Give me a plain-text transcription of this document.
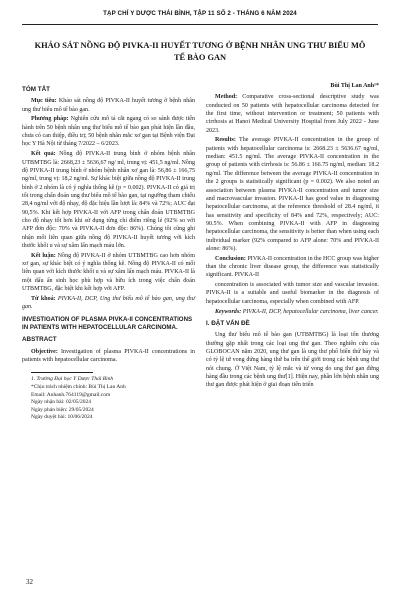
TẠP CHÍ Y DƯỢC THÁI BÌNH, TẬP 11 SỐ 2 - THÁNG 6 NĂM 2024
KHẢO SÁT NỒNG ĐỘ PIVKA-II HUYẾT TƯƠNG Ở BỆNH NHÂN UNG THƯ BIỂU MÔ TẾ BÀO GAN
TÓM TẮT

Mục tiêu: Khảo sát nồng độ PIVKA-II huyết tương ở bệnh nhân ung thư biểu mô tế bào gan.

Phương pháp: Nghiên cứu mô tả cắt ngang có so sánh được tiến hành trên 50 bệnh nhân ung thư biểu mô tế bào gan phát hiện lần đầu, chưa có can thiệp, điều trị; 50 bệnh nhân mắc xơ gan tại Bệnh viện Đại học Y Hà Nội từ tháng 7/2022 – 6/2023.

Kết quả: Nồng độ PIVKA-II trung bình ở nhóm bệnh nhân UTBMTBG là: 2668,23 ± 5636,67 ng/ ml, trung vị: 451,5 ng/ml. Nồng độ PIVKA-II trung bình ở nhóm bệnh nhân xơ gan là: 56,86 ± 166,75 ng/ml, trung vị: 18,2 ng/ml. Sự khác biệt giữa nồng độ PIVKA-II trung bình ở 2 nhóm là có ý nghĩa thống kê (p = 0.002). PIVKA-II có giá trị tốt trong chẩn đoán ung thư biểu mô tế bào gan, tại ngưỡng tham chiếu 28,4 ng/ml với độ nhạy, độ đặc hiệu lần lượt là: 84% và 72%; AUC đạt 90,5%. Khi kết hợp PIVKA-II với AFP trong chẩn đoán UTBMTBG cho độ nhạy tốt hơn khi sử dụng từng chỉ điểm riêng lẻ (92% so với AFP đơn độc: 70% và PIVKA-II đơn độc: 86%). Chúng tôi cũng ghi nhận mối liên quan giữa nồng độ PIVKA-II huyết tương với kích thước khối u và sự xâm lấn mạch máu lớn.

Kết luận: Nồng độ PIVKA-II ở nhóm UTBMTBG cao hơn nhóm xơ gan, sự khác biệt có ý nghĩa thống kê. Nồng độ PIVKA-II có mối liên quan với kích thước khối u và sự xâm lấn mạch máu. PIVKA-II là một dấu ấn sinh học phù hợp và hữu ích trong việc chẩn đoán UTBMTBG, đặc biệt khi kết hợp với AFP.

Từ khoá: PIVKA-II, DCP, Ung thư biểu mô tế bào gan, ung thư gan.

INVESTIGATION OF PLASMA PIVKA-II CONCENTRATIONS IN PATIENTS WITH HEPATOCELLULAR CARCINOMA.

ABSTRACT

Objective: Investigation of plasma PIVKA-II concentrations in patients with hepatocellular carcinoma.

1. Trường Đại học Y Dược Thái Bình
*Chịu trách nhiệm chính: Bùi Thị Lan Anh
Email: Anhanh.764119@gmail.com
Ngày nhận bài: 02/05/2024
Ngày phản biện: 29/05/2024
Ngày duyệt bài: 10/06/2024

Bùi Thị Lan Anh¹*

Method: Comparative cross-sectional descriptive study was conducted on 50 patients with hepatocellular carcinoma detected for the first time, without intervention or treatment; 50 patients with cirrhosis at Hanoi Medical University Hospital from July 2022 - June 2023.

Results: The average PIVKA-II concentration in the group of patients with hepatocellular carcinoma is: 2668.23 ± 5636.67 ng/ml, median: 451.5 ng/ml. The average PIVKA-II concentration in the group of patients with cirrhosis is: 56.86 ± 166.75 ng/ml, median: 18.2 ng/ml. The difference between the average PIVKA-II concentration in the 2 groups is statistically significant (p = 0.002). We also noted an association between plasma PIVKA-II concentration and tumor size and macrovascular invasion. PIVKA-II has good value in diagnosing hepatocellular carcinoma, at the reference threshold of 28.4 ng/ml, it has sensitivity and specificity of 84% and 72%, respectively; AUC: 90.5%. When combining PIVKA-II with AFP in diagnosing hepatocellular carcinoma, the sensitivity is better than when using each individual marker (92% compared to AFP alone: 70% and PIVKA-II alone: 86%).

Conclusion: PIVKA-II concentration in the HCC group was higher than the chronic liver disease group, the difference was statistically significant. PIVKA-II

concentration is associated with tumor size and vascular invasion. PIVKA-II is a suitable and useful biomarker in the diagnosis of hepatocellular carcinoma, especially when combined with AFP.

Keywords: PIVKA-II, DCP, hepatocellular carcinoma, liver cancer.

I. ĐẶT VẤN ĐỀ

Ung thư biểu mô tế bào gan (UTBMTBG) là loại tổn thương thường gặp nhất trong các loại ung thư gan. Theo nghiên cứu của GLOBOCAN năm 2020, ung thư gan là ung thư phổ biến thứ bảy và có tỷ lệ tử vong đứng hàng thứ ba trên thế giới trong các bệnh ung thư nói chung. Ở Việt Nam, tỷ lệ mắc và tử vong do ung thư gan đứng hàng đầu trong các bệnh ung thư[1]. Hiện nay, phần lớn bệnh nhân ung thư gan được phát hiện ở giai đoạn tiến triển

32
